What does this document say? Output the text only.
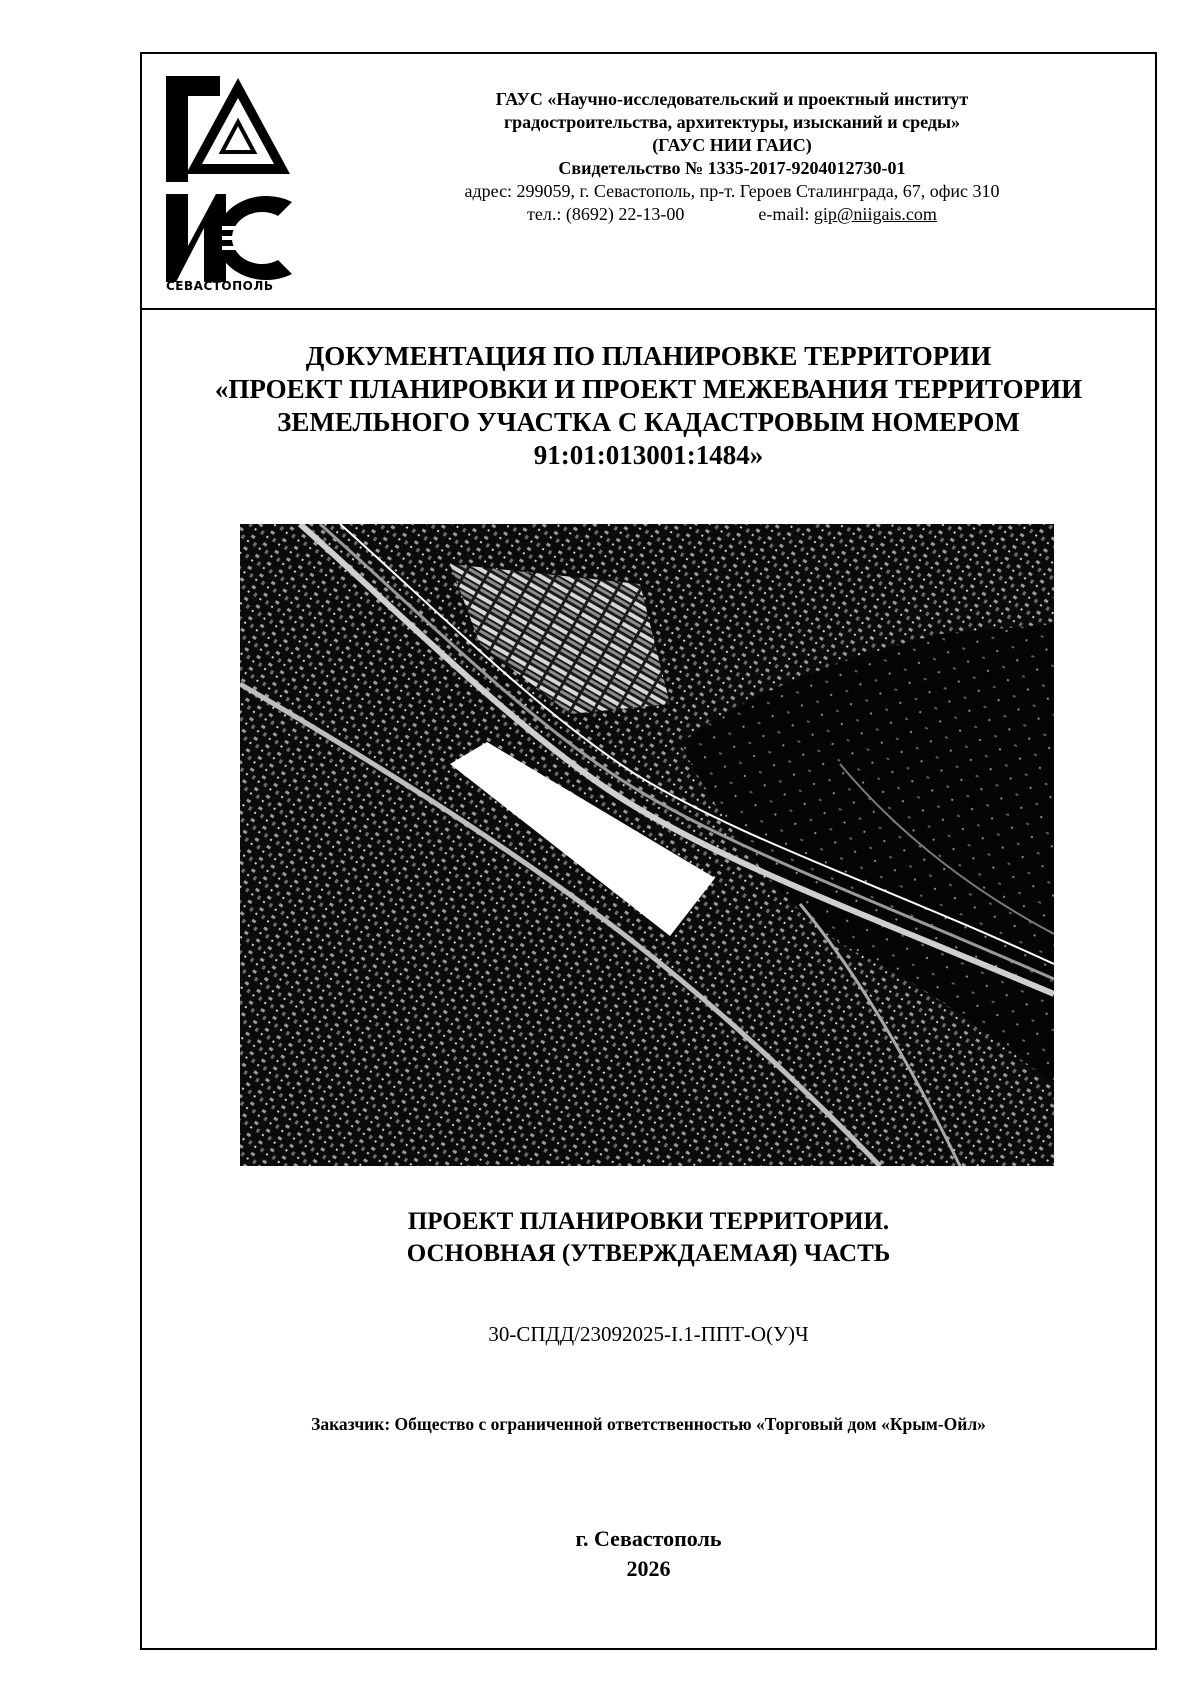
СЕВАСТОПОЛЬ
ГАУС «Научно-исследовательский и проектный институт
градостроительства, архитектуры, изысканий и среды»
(ГАУС НИИ ГАИС)
Свидетельство № 1335-2017-9204012730-01
адрес: 299059, г. Севастополь, пр-т. Героев Сталинграда, 67, офис 310
тел.: (8692) 22-13-00	e-mail: gip@niigais.com
ДОКУМЕНТАЦИЯ ПО ПЛАНИРОВКЕ ТЕРРИТОРИИ
«ПРОЕКТ ПЛАНИРОВКИ И ПРОЕКТ МЕЖЕВАНИЯ ТЕРРИТОРИИ
ЗЕМЕЛЬНОГО УЧАСТКА С КАДАСТРОВЫМ НОМЕРОМ
91:01:013001:1484»
ПРОЕКТ ПЛАНИРОВКИ ТЕРРИТОРИИ.
ОСНОВНАЯ (УТВЕРЖДАЕМАЯ) ЧАСТЬ
30-СПДД/23092025-I.1-ППТ-О(У)Ч
Заказчик: Общество с ограниченной ответственностью «Торговый дом «Крым-Ойл»
г. Севастополь
2026
